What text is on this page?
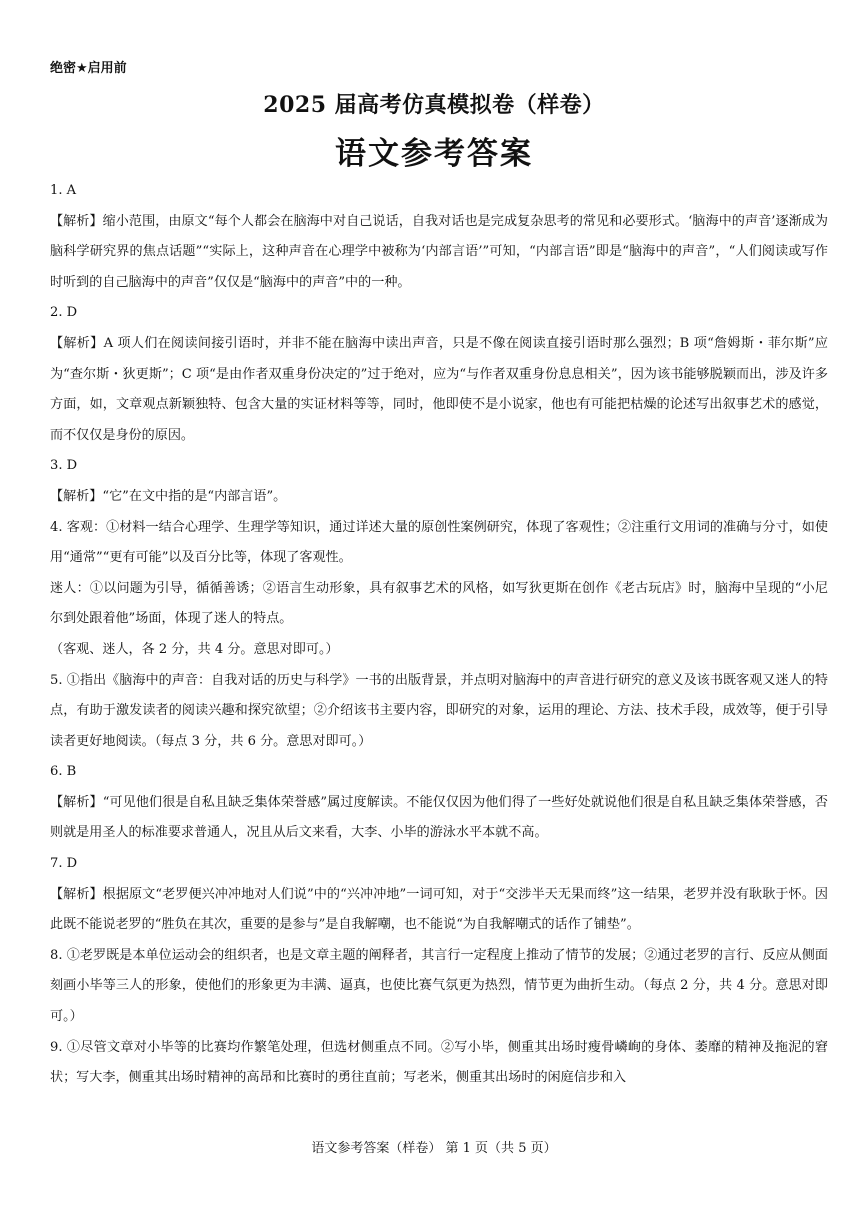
绝密★启用前
2025 届高考仿真模拟卷（样卷）
语文参考答案

1. A

【解析】缩小范围，由原文“每个人都会在脑海中对自己说话，自我对话也是完成复杂思考的常见和必要形式。‘脑海中的声音’逐渐成为脑科学研究界的焦点话题”“实际上，这种声音在心理学中被称为‘内部言语’”可知，“内部言语”即是“脑海中的声音”，“人们阅读或写作时听到的自己脑海中的声音”仅仅是“脑海中的声音”中的一种。

2. D

【解析】A 项人们在阅读间接引语时，并非不能在脑海中读出声音，只是不像在阅读直接引语时那么强烈；B 项“詹姆斯・菲尔斯”应为“查尔斯・狄更斯”；C 项“是由作者双重身份决定的”过于绝对，应为“与作者双重身份息息相关”，因为该书能够脱颖而出，涉及许多方面，如，文章观点新颖独特、包含大量的实证材料等等，同时，他即使不是小说家，他也有可能把枯燥的论述写出叙事艺术的感觉，而不仅仅是身份的原因。

3. D

【解析】“它”在文中指的是“内部言语”。

4. 客观：①材料一结合心理学、生理学等知识，通过详述大量的原创性案例研究，体现了客观性；②注重行文用词的准确与分寸，如使用“通常”“更有可能”以及百分比等，体现了客观性。

迷人：①以问题为引导，循循善诱；②语言生动形象，具有叙事艺术的风格，如写狄更斯在创作《老古玩店》时，脑海中呈现的“小尼尔到处跟着他”场面，体现了迷人的特点。

（客观、迷人，各 2 分，共 4 分。意思对即可。）

5. ①指出《脑海中的声音：自我对话的历史与科学》一书的出版背景，并点明对脑海中的声音进行研究的意义及该书既客观又迷人的特点，有助于激发读者的阅读兴趣和探究欲望；②介绍该书主要内容，即研究的对象，运用的理论、方法、技术手段，成效等，便于引导读者更好地阅读。（每点 3 分，共 6 分。意思对即可。）

6. B

【解析】“可见他们很是自私且缺乏集体荣誉感”属过度解读。不能仅仅因为他们得了一些好处就说他们很是自私且缺乏集体荣誉感，否则就是用圣人的标准要求普通人，况且从后文来看，大李、小毕的游泳水平本就不高。

7. D

【解析】根据原文“老罗便兴冲冲地对人们说”中的“兴冲冲地”一词可知，对于“交涉半天无果而终”这一结果，老罗并没有耿耿于怀。因此既不能说老罗的“胜负在其次，重要的是参与”是自我解嘲，也不能说“为自我解嘲式的话作了铺垫”。

8. ①老罗既是本单位运动会的组织者，也是文章主题的阐释者，其言行一定程度上推动了情节的发展；②通过老罗的言行、反应从侧面刻画小毕等三人的形象，使他们的形象更为丰满、逼真，也使比赛气氛更为热烈，情节更为曲折生动。（每点 2 分，共 4 分。意思对即可。）

9. ①尽管文章对小毕等的比赛均作繁笔处理，但选材侧重点不同。②写小毕，侧重其出场时瘦骨嶙峋的身体、萎靡的精神及拖泥的窘状；写大李，侧重其出场时精神的高昂和比赛时的勇往直前；写老米，侧重其出场时的闲庭信步和入

语文参考答案（样卷） 第 1 页（共 5 页）
